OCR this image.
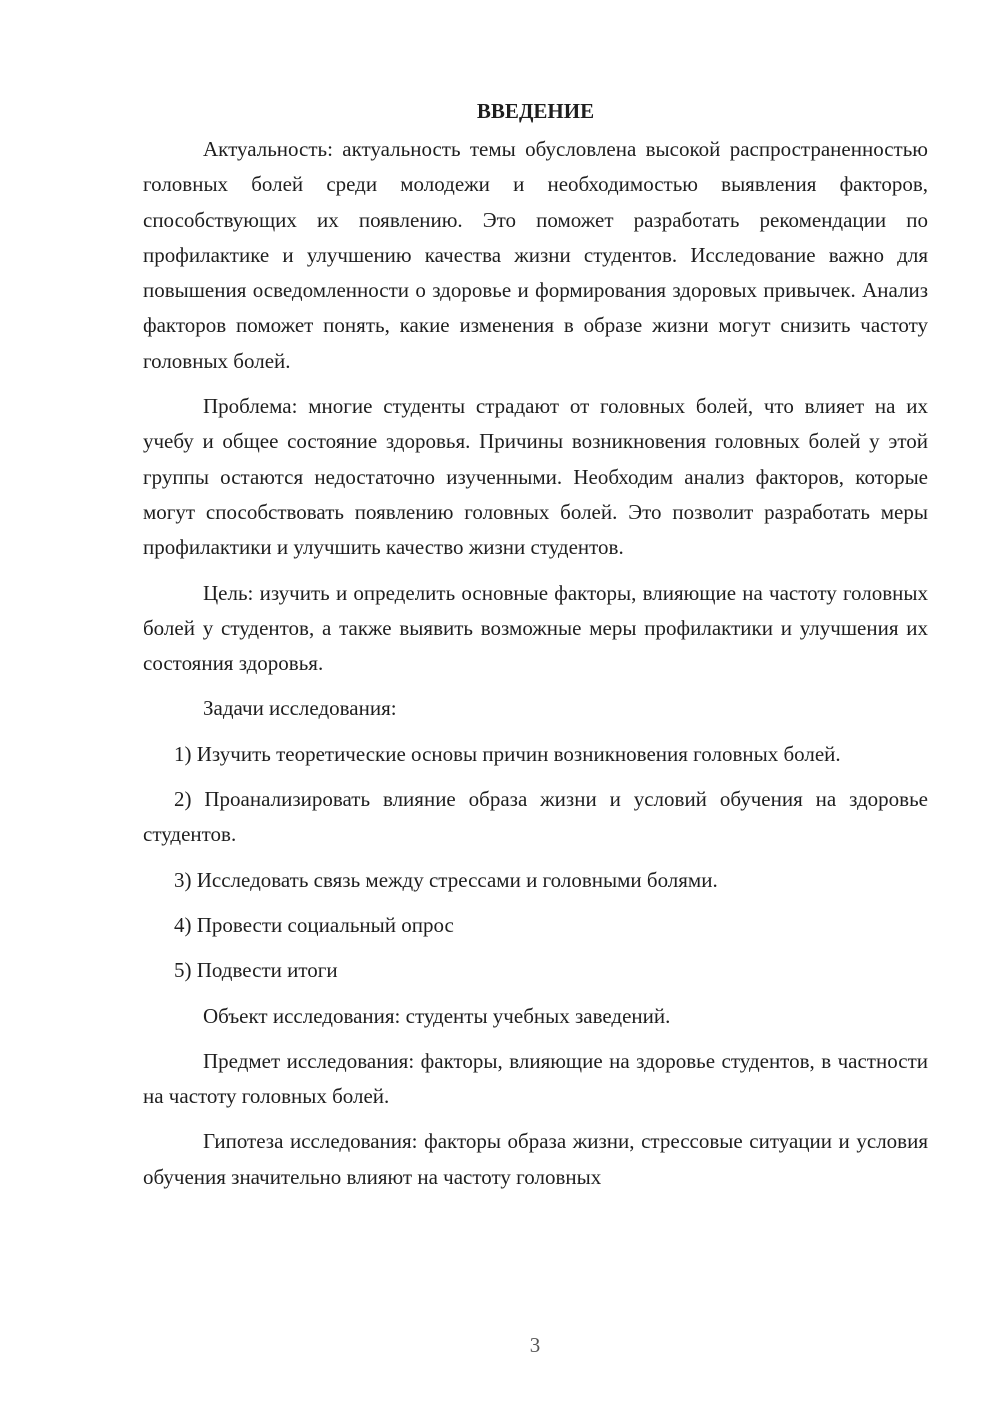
ВВЕДЕНИЕ

Актуальность: актуальность темы обусловлена высокой распространенностью головных болей среди молодежи и необходимостью выявления факторов, способствующих их появлению. Это поможет разработать рекомендации по профилактике и улучшению качества жизни студентов. Исследование важно для повышения осведомленности о здоровье и формирования здоровых привычек. Анализ факторов поможет понять, какие изменения в образе жизни могут снизить частоту головных болей.

Проблема: многие студенты страдают от головных болей, что влияет на их учебу и общее состояние здоровья. Причины возникновения головных болей у этой группы остаются недостаточно изученными. Необходим анализ факторов, которые могут способствовать появлению головных болей. Это позволит разработать меры профилактики и улучшить качество жизни студентов.

Цель: изучить и определить основные факторы, влияющие на частоту головных болей у студентов, а также выявить возможные меры профилактики и улучшения их состояния здоровья.

Задачи исследования:

1) Изучить теоретические основы причин возникновения головных болей.

2) Проанализировать влияние образа жизни и условий обучения на здоровье студентов.

3) Исследовать связь между стрессами и головными болями.

4) Провести социальный опрос

5) Подвести итоги

Объект исследования: студенты учебных заведений.

Предмет исследования: факторы, влияющие на здоровье студентов, в частности на частоту головных болей.

Гипотеза исследования: факторы образа жизни, стрессовые ситуации и условия обучения значительно влияют на частоту головных

3
